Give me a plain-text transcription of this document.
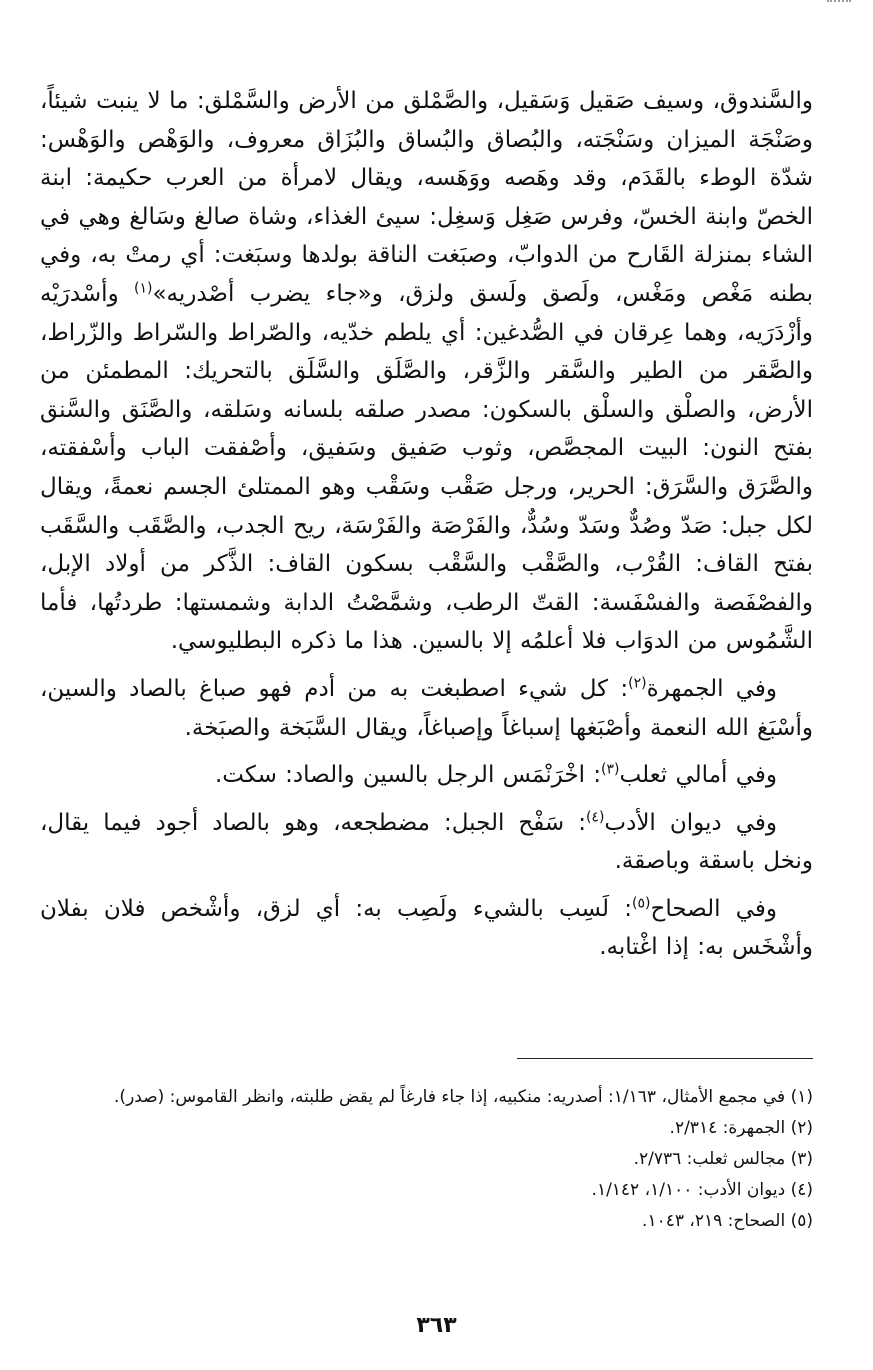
والسَّندوق، وسيف صَقيل وَسَقيل، والصَّمْلق من الأرض والسَّمْلق: ما لا ينبت شيئاً، وصَنْجَة الميزان وسَنْجَته، والبُصاق والبُساق والبُزَاق معروف، والوَهْص والوَهْس: شدّة الوطء بالقَدَم، وقد وهَصه ووَهَسه، ويقال لامرأة من العرب حكيمة: ابنة الخصّ وابنة الخسّ، وفرس صَغِل وَسغِل: سيئ الغذاء، وشاة صالغ وسَالغ وهي في الشاء بمنزلة القَارح من الدوابّ، وصبَغت الناقة بولدها وسبَغت: أي رمتْ به، وفي بطنه مَغْص ومَغْس، ولَصق ولَسق ولزق، و«جاء يضرب أصْدريه»$^{(١)}$ وأسْدرَيْه وأزْدَرَيه، وهما عِرقان في الصُّدغين: أي يلطم خدّيه، والصّراط والسّراط والزّراط، والصَّقر من الطير والسَّقر والزَّقر، والصَّلَق والسَّلَق بالتحريك: المطمئن من الأرض، والصلْق والسلْق بالسكون: مصدر صلقه بلسانه وسَلقه، والصَّنَق والسَّنق بفتح النون: البيت المجصَّص، وثوب صَفيق وسَفيق، وأصْفقت الباب وأسْفقته، والصَّرَق والسَّرَق: الحرير، ورجل صَقْب وسَقْب وهو الممتلئ الجسم نعمةً، ويقال لكل جبل: صَدّ وصُدٌّ وسَدّ وسُدٌّ، والفَرْصَة والفَرْسَة، ريح الجدب، والصَّقَب والسَّقَب بفتح القاف: القُرْب، والصَّقْب والسَّقْب بسكون القاف: الذَّكر من أولاد الإبل، والفصْفَصة والفسْفَسة: القتّ الرطب، وشمَّصْتُ الدابة وشمستها: طردتُها، فأما الشَّمُوس من الدوَاب فلا أعلمُه إلا بالسين. هذا ما ذكره البطليوسي.

وفي الجمهرة$^{(٢)}$: كل شيء اصطبغت به من أدم فهو صباغ بالصاد والسين، وأسْبَغ الله النعمة وأصْبَغها إسباغاً وإصباغاً، ويقال السَّبَخة والصبَخة.

وفي أمالي ثعلب$^{(٣)}$: اخْرَنْمَس الرجل بالسين والصاد: سكت.

وفي ديوان الأدب$^{(٤)}$: سَفْح الجبل: مضطجعه، وهو بالصاد أجود فيما يقال، ونخل باسقة وباصقة.

وفي الصحاح$^{(٥)}$: لَسِب بالشيء ولَصِب به: أي لزق، وأشْخص فلان بفلان وأشْخَس به: إذا اغْتابه.

(١) في مجمع الأمثال، ١/١٦٣: أصدريه: منكبيه، إذا جاء فارغاً لم يقض طلبته، وانظر القاموس: (صدر).

(٢) الجمهرة: ٢/٣١٤.

(٣) مجالس ثعلب: ٢/٧٣٦.

(٤) ديوان الأدب: ١/١٠٠، ١/١٤٢.

(٥) الصحاح: ٢١٩، ١٠٤٣.

٣٦٣
